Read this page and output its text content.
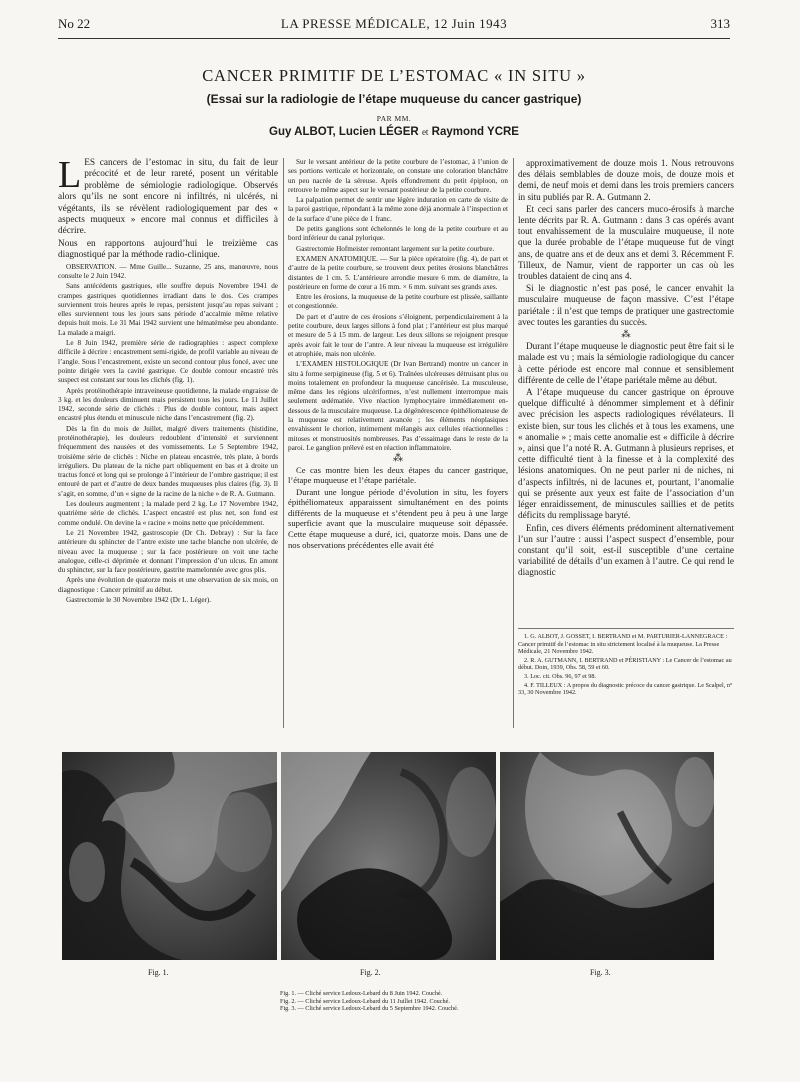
No 22	LA PRESSE MÉDICALE, 12 Juin 1943	313
CANCER PRIMITIF DE L’ESTOMAC « IN SITU »
(Essai sur la radiologie de l’étape muqueuse du cancer gastrique)
PAR MM.
Guy ALBOT, Lucien LÉGER et Raymond YCRE

LES cancers de l’estomac in situ, du fait de leur précocité et de leur rareté, posent un véritable problème de sémiologie radiologique. Observés alors qu’ils ne sont encore ni infiltrés, ni ulcérés, ni végétants, ils se révèlent radiologiquement par des « aspects muqueux » encore mal connus et difficiles à décrire.

Nous en rapportons aujourd’hui le treizième cas diagnostiqué par la méthode radio-clinique.

OBSERVATION. — Mme Guille... Suzanne, 25 ans, manœuvre, nous consulte le 2 Juin 1942.

Sans antécédents gastriques, elle souffre depuis Novembre 1941 de crampes gastriques quotidiennes irradiant dans le dos. Ces crampes surviennent trois heures après le repas, persistent jusqu’au repas suivant ; elles surviennent tous les jours sans période d’accalmie même relative depuis huit mois. Le 31 Mai 1942 survient une hématémèse peu abondante. La malade a maigri.

Le 8 Juin 1942, première série de radiographies : aspect complexe difficile à décrire : encastrement semi-rigide, de profil variable au niveau de l’angle. Sous l’encastrement, existe un second contour plus foncé, avec une pointe dirigée vers la cavité gastrique. Ce double contour encastré très suspect est constant sur tous les clichés (fig. 1).

Après protéinothérapie intraveineuse quotidienne, la malade engraisse de 3 kg. et les douleurs diminuent mais persistent tous les jours. Le 11 Juillet 1942, seconde série de clichés : Plus de double contour, mais aspect encastré plus étendu et minuscule niche dans l’encastrement (fig. 2).

Dès la fin du mois de Juillet, malgré divers traitements (histidine, protéinothérapie), les douleurs redoublent d’intensité et surviennent fréquemment des nausées et des vomissements. Le 5 Septembre 1942, troisième série de clichés : Niche en plateau encastrée, très plate, à bords irréguliers. Du plateau de la niche part obliquement en bas et à droite un tractus foncé et long qui se prolonge à l’intérieur de l’ombre gastrique; il est entouré de part et d’autre de deux bandes muqueuses plus claires (fig. 3). Il s’agit, en somme, d’un « signe de la racine de la niche » de R. A. Gutmann.

Les douleurs augmentent ; la malade perd 2 kg. Le 17 Novembre 1942, quatrième série de clichés. L’aspect encastré est plus net, son fond est comme ondulé. On devine la « racine » moins nette que précédemment.

Le 21 Novembre 1942, gastroscopie (Dr Ch. Debray) : Sur la face antérieure du sphincter de l’antre existe une tache blanche non ulcérée, de niveau avec la muqueuse ; sur la face postérieure on voit une tache analogue, celle-ci déprimée et donnant l’impression d’un ulcus. En amont du sphincter, sur la face postérieure, gastrite mamelonnée avec gros plis.

Après une évolution de quatorze mois et une observation de six mois, on diagnostique : Cancer primitif au début.

Gastrectomie le 30 Novembre 1942 (Dr L. Léger).

Sur le versant antérieur de la petite courbure de l’estomac, à l’union de ses portions verticale et horizontale, on constate une coloration blanchâtre un peu nacrée de la séreuse. Après effondrement du petit épiploon, on retrouve le même aspect sur le versant postérieur de la petite courbure.

La palpation permet de sentir une légère induration en carte de visite de la paroi gastrique, répondant à la même zone déjà anormale à l’inspection et de la surface d’une pièce de 1 franc.

De petits ganglions sont échelonnés le long de la petite courbure et au bord inférieur du canal pylorique.

Gastrectomie Hofmeister remontant largement sur la petite courbure.

EXAMEN ANATOMIQUE. — Sur la pièce opératoire (fig. 4), de part et d’autre de la petite courbure, se trouvent deux petites érosions blanchâtres distantes de 1 cm. 5. L’antérieure arrondie mesure 6 mm. de diamètre, la postérieure en forme de cœur a 16 mm. × 6 mm. suivant ses grands axes.

Entre les érosions, la muqueuse de la petite courbure est plissée, saillante et congestionnée.

De part et d’autre de ces érosions s’éloignent, perpendiculairement à la petite courbure, deux larges sillons à fond plat ; l’antérieur est plus marqué et mesure de 5 à 15 mm. de largeur. Les deux sillons se rejoignent presque après avoir fait le tour de l’antre. A leur niveau la muqueuse est irrégulière et atrophiée, mais non ulcérée.

L’EXAMEN HISTOLOGIQUE (Dr Ivan Bertrand) montre un cancer in situ à forme serpigineuse (fig. 5 et 6). Traînées ulcéreuses détruisant plus ou moins totalement en profondeur la muqueuse cancérisée. La musculeuse, même dans les régions ulcériformes, n’est nullement interrompue mais seulement œdématiée. Vive réaction lymphocytaire immédiatement en-dessous de la musculaire muqueuse. La dégénérescence épithéliomateuse de la muqueuse est relativement avancée ; les éléments néoplasiques envahissent le chorion, intimement mélangés aux cellules réactionnelles : mitoses et monstruosités nombreuses. Pas d’essaimage dans le reste de la paroi. Le ganglion prélevé est en réaction inflammatoire.

⁂

Ce cas montre bien les deux étapes du cancer gastrique, l’étape muqueuse et l’étape pariétale.

Durant une longue période d’évolution in situ, les foyers épithéliomateux apparaissent simultanément en des points différents de la muqueuse et s’étendent peu à peu à une large superficie avant que la musculaire muqueuse soit dépassée. Cette étape muqueuse a duré, ici, quatorze mois. Dans une de nos observations précédentes elle avait été

approximativement de douze mois 1. Nous retrouvons des délais semblables de douze mois, de douze mois et demi, de neuf mois et demi dans les trois premiers cancers in situ publiés par R. A. Gutmann 2.

Et ceci sans parler des cancers muco-érosifs à marche lente décrits par R. A. Gutmann : dans 3 cas opérés avant tout envahissement de la musculaire muqueuse, il note que la durée probable de l’étape muqueuse fut de vingt ans, de quatre ans et de deux ans et demi 3. Récemment F. Tilleux, de Namur, vient de rapporter un cas où les troubles dataient de cinq ans 4.

Si le diagnostic n’est pas posé, le cancer envahit la musculaire muqueuse de façon massive. C’est l’étape pariétale : il n’est que temps de pratiquer une gastrectomie avec toutes les garanties du succès.

⁂

Durant l’étape muqueuse le diagnostic peut être fait si le malade est vu ; mais la sémiologie radiologique du cancer à cette période est encore mal connue et sensiblement différente de celle de l’étape pariétale même au début.

A l’étape muqueuse du cancer gastrique on éprouve quelque difficulté à dénommer simplement et à définir avec précision les aspects radiologiques révélateurs. Il existe bien, sur tous les clichés et à tous les examens, une « anomalie » ; mais cette anomalie est « difficile à décrire », ainsi que l’a noté R. A. Gutmann à plusieurs reprises, et cette difficulté tient à la finesse et à la complexité des lésions anatomiques. On ne peut parler ni de niches, ni d’aspects infiltrés, ni de lacunes et, pourtant, l’anomalie qui se présente aux yeux est faite de l’association d’un léger enraidissement, de minuscules saillies et de petits déficits du remplissage baryté.

Enfin, ces divers éléments prédominent alternativement l’un sur l’autre : aussi l’aspect suspect d’ensemble, pour constant qu’il soit, est-il susceptible d’une certaine variabilité de détails d’un examen à l’autre. Ce qui rend le diagnostic

1. G. ALBOT, J. GOSSET, I. BERTRAND et M. PARTURIER-LANNEGRACE : Cancer primitif de l’estomac in situ strictement localisé à la muqueuse. La Presse Médicale, 21 Novembre 1942.

2. R. A. GUTMANN, I. BERTRAND et PÉRISTIANY : Le Cancer de l’estomac au début. Doin, 1939, Obs. 58, 59 et 60.

3. Loc. cit. Obs. 96, 97 et 98.

4. F. TILLEUX : A propos du diagnostic précoce du cancer gastrique. Le Scalpel, n° 33, 30 Novembre 1942.

Fig. 1.	Fig. 2.	Fig. 3.

Fig. 1. — Cliché service Ledoux-Lebard du 8 Juin 1942. Couché.

Fig. 2. — Cliché service Ledoux-Lebard du 11 Juillet 1942. Couché.

Fig. 3. — Cliché service Ledoux-Lebard du 5 Septembre 1942. Couché.
